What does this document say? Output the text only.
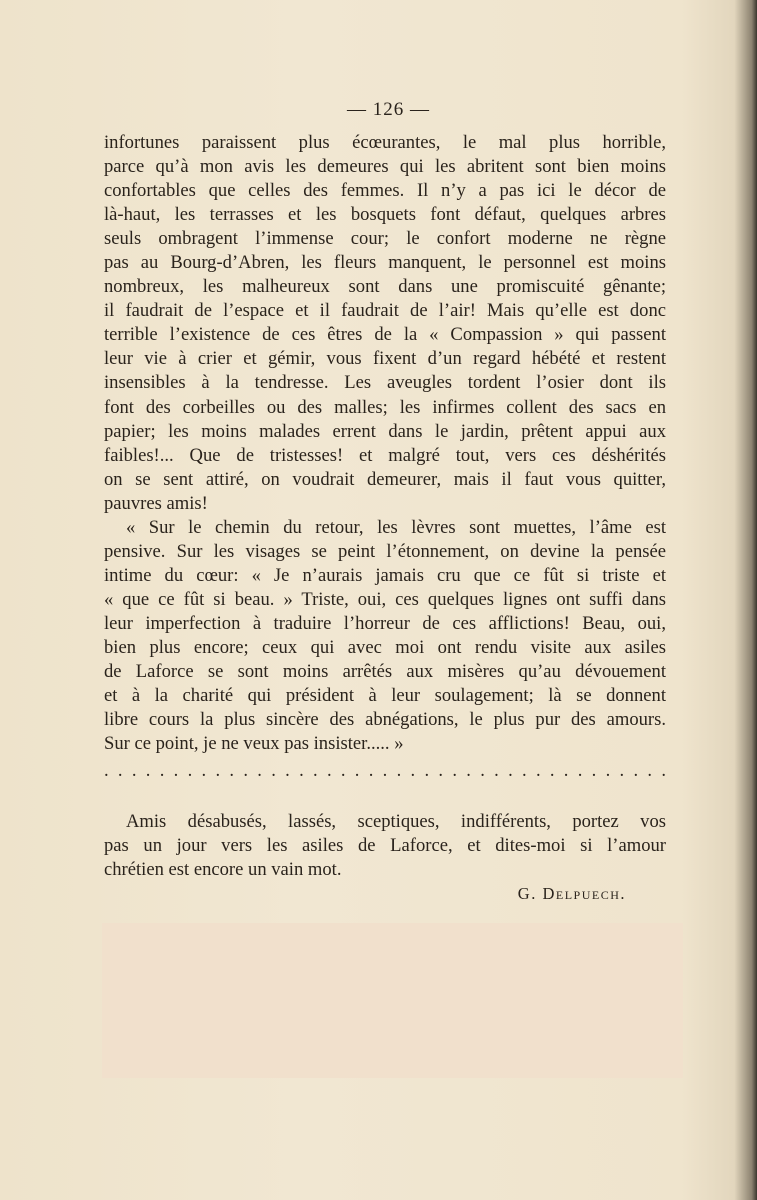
— 126 —

infortunes paraissent plus écœurantes, le mal plus horrible,
parce qu’à mon avis les demeures qui les abritent sont bien moins
confortables que celles des femmes. Il n’y a pas ici le décor de
là-haut, les terrasses et les bosquets font défaut, quelques arbres
seuls ombragent l’immense cour; le confort moderne ne règne
pas au Bourg-d’Abren, les fleurs manquent, le personnel est moins
nombreux, les malheureux sont dans une promiscuité gênante;
il faudrait de l’espace et il faudrait de l’air! Mais qu’elle est donc
terrible l’existence de ces êtres de la « Compassion » qui passent
leur vie à crier et gémir, vous fixent d’un regard hébété et restent
insensibles à la tendresse. Les aveugles tordent l’osier dont ils
font des corbeilles ou des malles; les infirmes collent des sacs en
papier; les moins malades errent dans le jardin, prêtent appui aux
faibles!... Que de tristesses! et malgré tout, vers ces déshérités
on se sent attiré, on voudrait demeurer, mais il faut vous quitter,
pauvres amis!

« Sur le chemin du retour, les lèvres sont muettes, l’âme est
pensive. Sur les visages se peint l’étonnement, on devine la pensée
intime du cœur: « Je n’aurais jamais cru que ce fût si triste et
« que ce fût si beau. » Triste, oui, ces quelques lignes ont suffi dans
leur imperfection à traduire l’horreur de ces afflictions! Beau, oui,
bien plus encore; ceux qui avec moi ont rendu visite aux asiles
de Laforce se sont moins arrêtés aux misères qu’au dévouement
et à la charité qui président à leur soulagement; là se donnent
libre cours la plus sincère des abnégations, le plus pur des amours.
Sur ce point, je ne veux pas insister..... »

. . . . . . . . . . . . . . . . . . . . . . . . . . . . . . . . . . . . . . . . .

Amis désabusés, lassés, sceptiques, indifférents, portez vos
pas un jour vers les asiles de Laforce, et dites-moi si l’amour
chrétien est encore un vain mot.

G. Delpuech.
